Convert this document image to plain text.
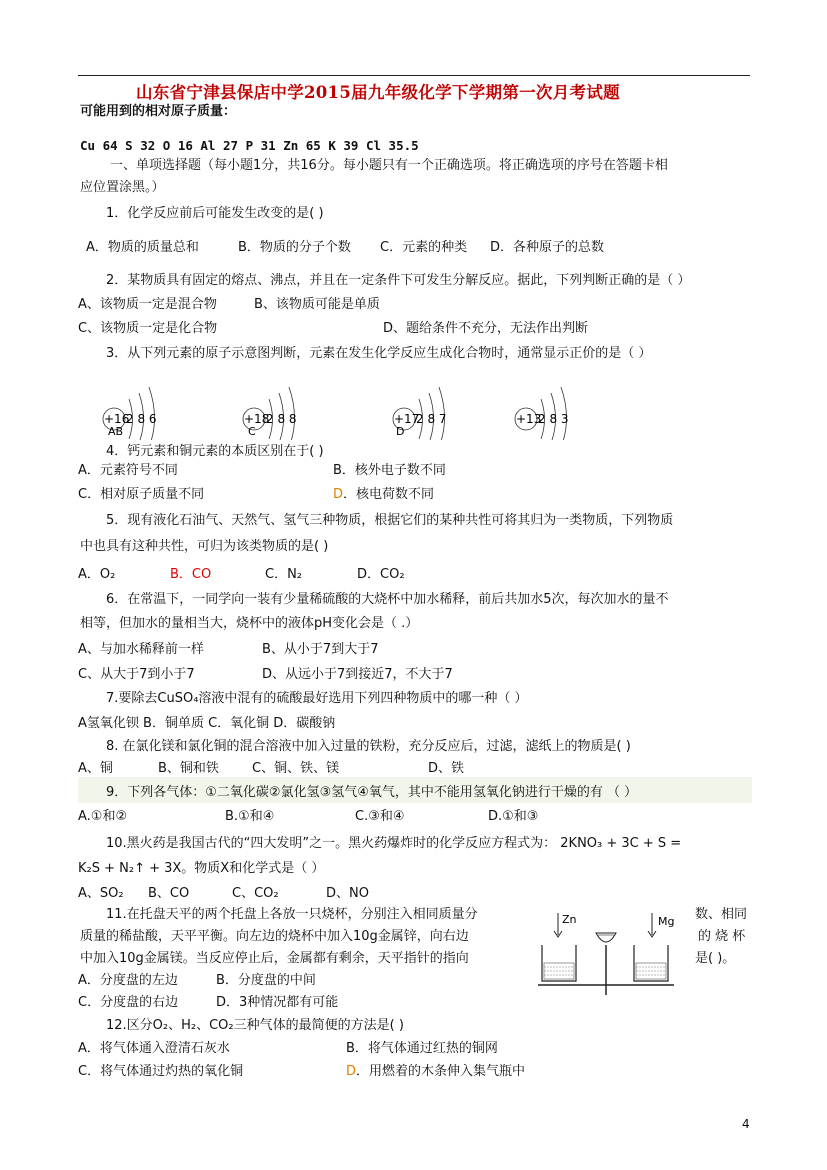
山东省宁津县保店中学2015届九年级化学下学期第一次月考试题
可能用到的相对原子质量：
Cu 64 S 32 O 16 Al 27 P 31 Zn 65 K 39 Cl 35.5
一、单项选择题（每小题1分，共16分。每小题只有一个正确选项。将正确选项的序号在答题卡相
应位置涂黑。）
1．化学反应前后可能发生改变的是( )
A．物质的质量总和	B．物质的分子个数 C．元素的种类 D．各种原子的总数
2．某物质具有固定的熔点、沸点，并且在一定条件下可发生分解反应。据此，下列判断正确的是（ ）
A、该物质一定是混合物	B、该物质可能是单质
C、该物质一定是化合物	D、题给条件不充分，无法作出判断
3．从下列元素的原子示意图判断，元素在发生化学反应生成化合物时，通常显示正价的是（ ）
+16
2 8 6
AB
+18
2 8 8
C
+17
2 8 7
D
+13
2 8 3
4．钙元素和铜元素的本质区别在于( )
A．元素符号不同	B．核外电子数不同
C．相对原子质量不同	D．核电荷数不同
5．现有液化石油气、天然气、氢气三种物质，根据它们的某种共性可将其归为一类物质，下列物质
中也具有这种共性，可归为该类物质的是( )
A．O₂	B．CO	C．N₂	D．CO₂
6．在常温下，一同学向一装有少量稀硫酸的大烧杯中加水稀释，前后共加水5次，每次加水的量不
相等，但加水的量相当大，烧杯中的液体pH变化会是（ .）
A、与加水稀释前一样	B、从小于7到大于7
C、从大于7到小于7	D、从远小于7到接近7，不大于7
7.要除去CuSO₄溶液中混有的硫酸最好选用下列四种物质中的哪一种（ ）
A氢氧化钡 B．铜单质 C．氧化铜 D．碳酸钠
8. 在氯化镁和氯化铜的混合溶液中加入过量的铁粉，充分反应后，过滤，滤纸上的物质是( )
A、铜	B、铜和铁	C、铜、铁、镁	D、铁
9．下列各气体：①二氧化碳②氯化氢③氢气④氧气，其中不能用氢氧化钠进行干燥的有 （ ）
A.①和②	B.①和④	C.③和④	D.①和③
10.黑火药是我国古代的“四大发明”之一。黑火药爆炸时的化学反应方程式为： 2KNO₃ + 3C + S =
K₂S + N₂↑ + 3X。物质X和化学式是（ ）
A、SO₂ B、CO	C、CO₂	D、NO
11.在托盘天平的两个托盘上各放一只烧杯，分别注入相同质量分	数、相同
质量的稀盐酸，天平平衡。向左边的烧杯中加入10g金属锌，向右边	的 烧 杯
中加入10g金属镁。当反应停止后，金属都有剩余，天平指针的指向	是( )。
A．分度盘的左边	B．分度盘的中间
C．分度盘的右边	D．3种情况都有可能
Zn	Mg
12.区分O₂、H₂、CO₂三种气体的最简便的方法是( )
A．将气体通入澄清石灰水	B．将气体通过红热的铜网
C．将气体通过灼热的氧化铜	D．用燃着的木条伸入集气瓶中
4
